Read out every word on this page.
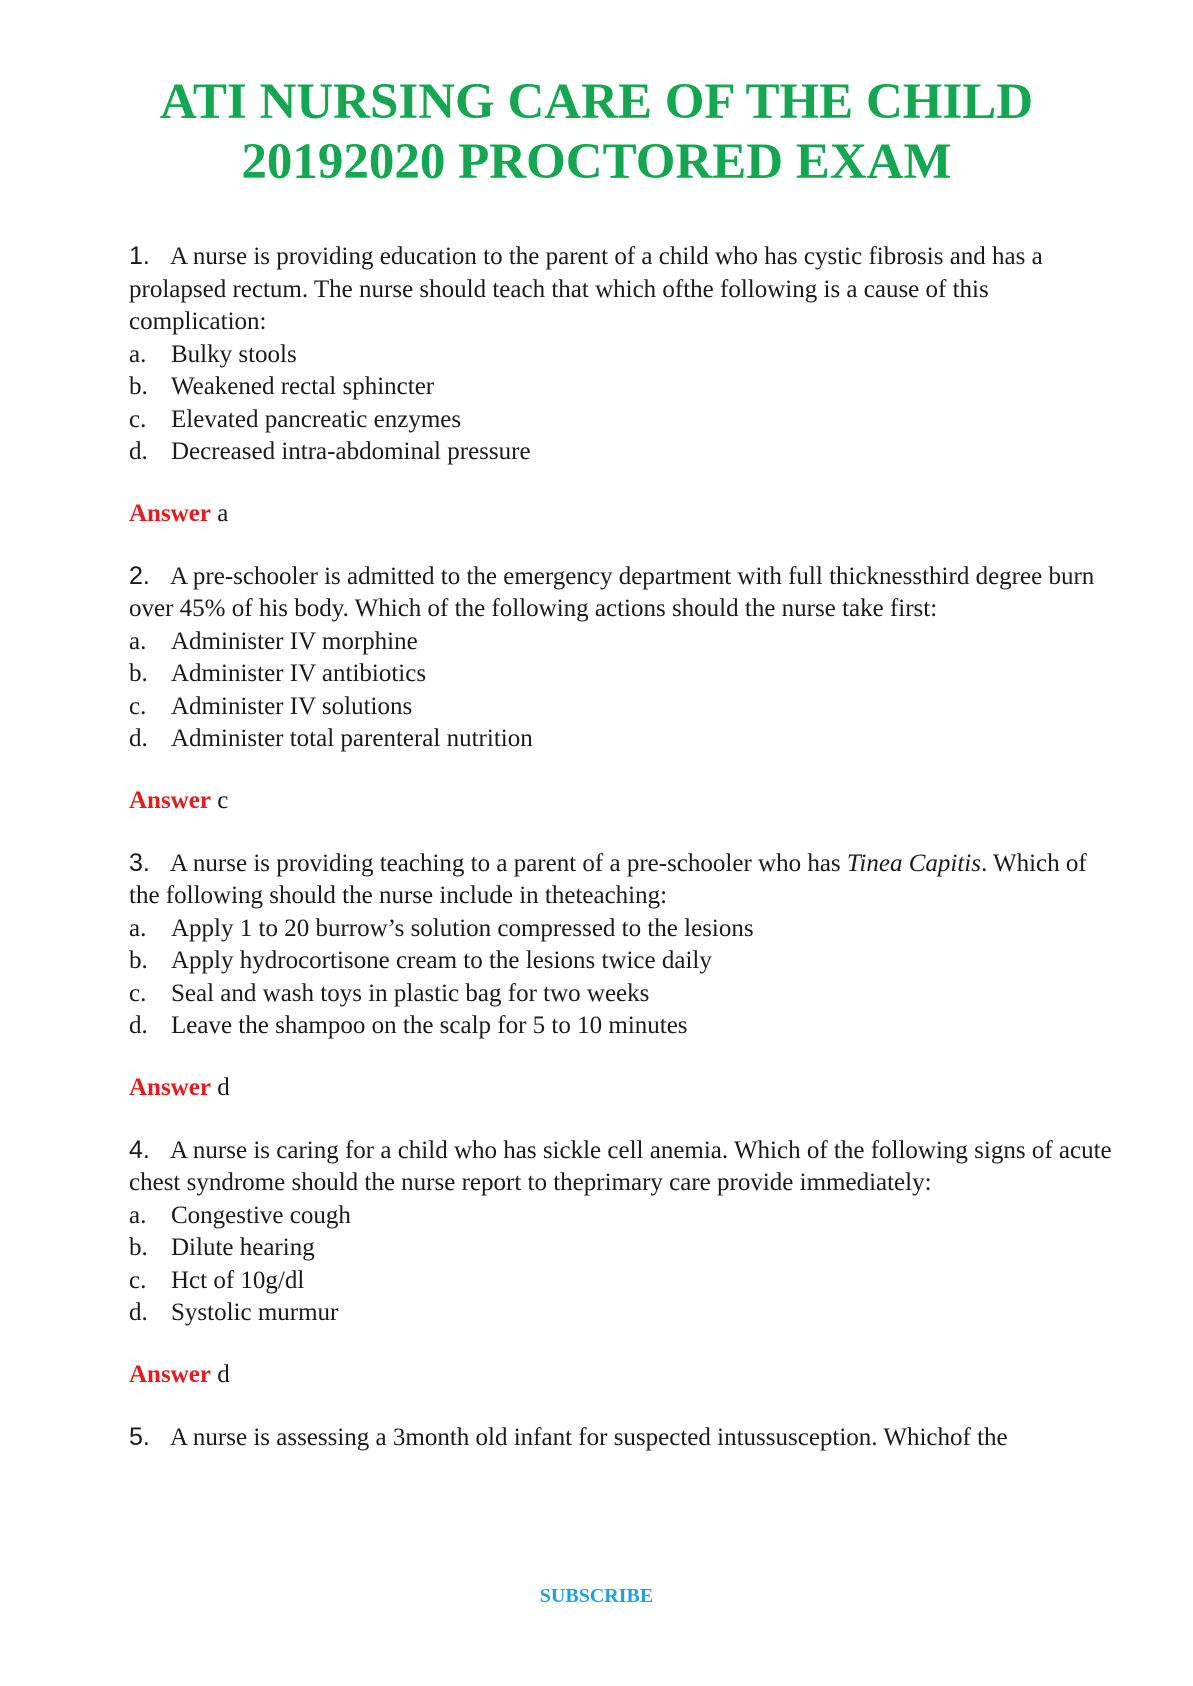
ATI NURSING CARE OF THE CHILD
20192020 PROCTORED EXAM

1. A nurse is providing education to the parent of a child who has cystic fibrosis and has a prolapsed rectum. The nurse should teach that which ofthe following is a cause of this complication:

a. Bulky stools
b. Weakened rectal sphincter
c. Elevated pancreatic enzymes
d. Decreased intra-abdominal pressure
Answer a

2. A pre-schooler is admitted to the emergency department with full thicknessthird degree burn over 45% of his body. Which of the following actions should the nurse take first:

a. Administer IV morphine
b. Administer IV antibiotics
c. Administer IV solutions
d. Administer total parenteral nutrition
Answer c

3. A nurse is providing teaching to a parent of a pre-schooler who has Tinea Capitis. Which of the following should the nurse include in theteaching:

a. Apply 1 to 20 burrow’s solution compressed to the lesions
b. Apply hydrocortisone cream to the lesions twice daily
c. Seal and wash toys in plastic bag for two weeks
d. Leave the shampoo on the scalp for 5 to 10 minutes
Answer d

4. A nurse is caring for a child who has sickle cell anemia. Which of the following signs of acute chest syndrome should the nurse report to theprimary care provide immediately:

a. Congestive cough
b. Dilute hearing
c. Hct of 10g/dl
d. Systolic murmur
Answer d

5. A nurse is assessing a 3month old infant for suspected intussusception. Whichof the

SUBSCRIBE
